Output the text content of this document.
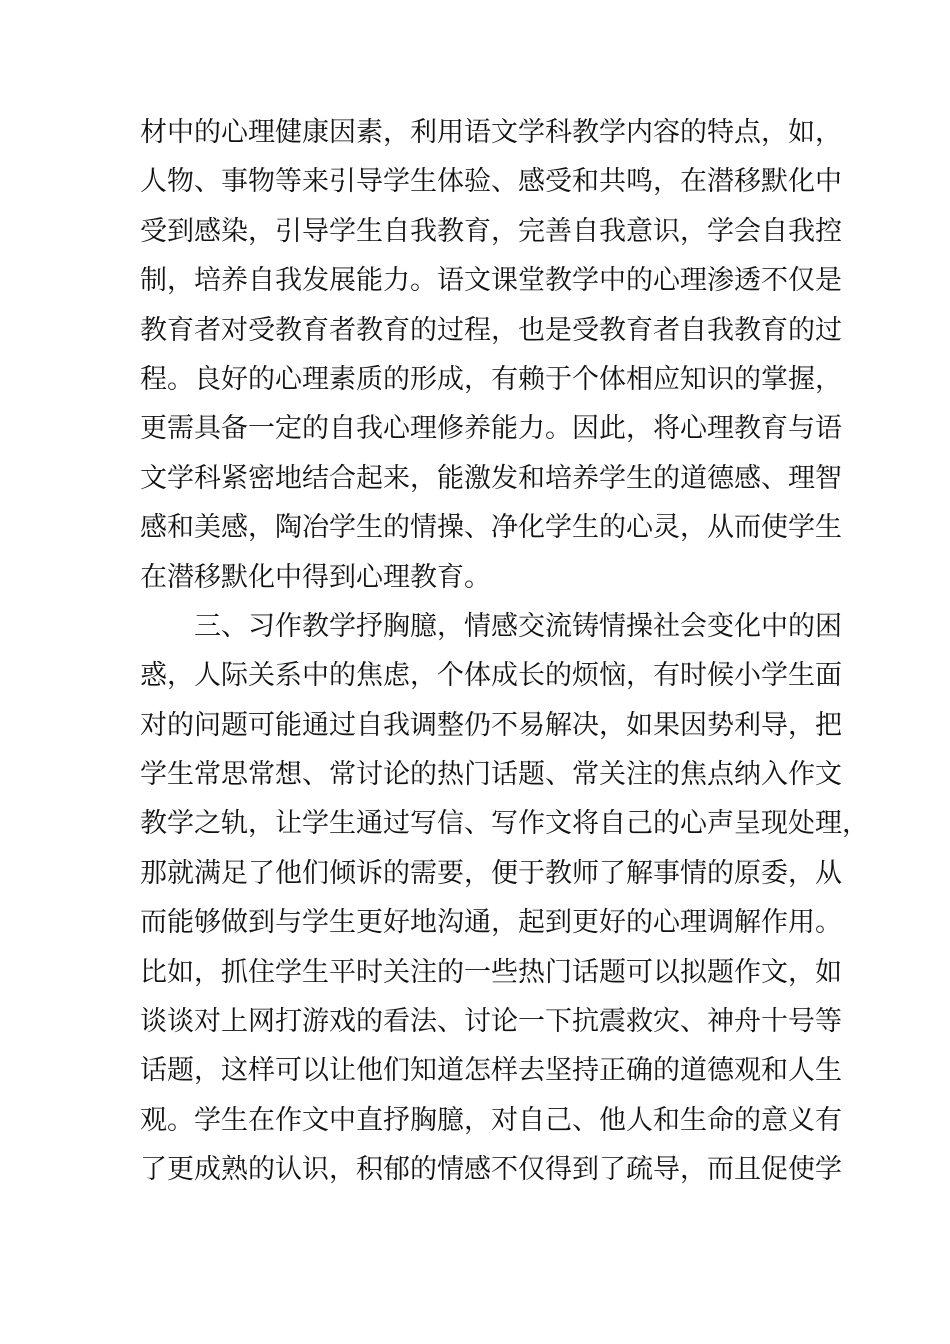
材中的心理健康因素，利用语文学科教学内容的特点，如，
人物、事物等来引导学生体验、感受和共鸣，在潜移默化中
受到感染，引导学生自我教育，完善自我意识，学会自我控
制，培养自我发展能力。语文课堂教学中的心理渗透不仅是
教育者对受教育者教育的过程，也是受教育者自我教育的过
程。良好的心理素质的形成，有赖于个体相应知识的掌握，
更需具备一定的自我心理修养能力。因此，将心理教育与语
文学科紧密地结合起来，能激发和培养学生的道德感、理智
感和美感，陶冶学生的情操、净化学生的心灵，从而使学生
在潜移默化中得到心理教育。
三、习作教学抒胸臆，情感交流铸情操社会变化中的困
惑，人际关系中的焦虑，个体成长的烦恼，有时候小学生面
对的问题可能通过自我调整仍不易解决，如果因势利导，把
学生常思常想、常讨论的热门话题、常关注的焦点纳入作文
教学之轨，让学生通过写信、写作文将自己的心声呈现处理，
那就满足了他们倾诉的需要，便于教师了解事情的原委，从
而能够做到与学生更好地沟通，起到更好的心理调解作用。
比如，抓住学生平时关注的一些热门话题可以拟题作文，如
谈谈对上网打游戏的看法、讨论一下抗震救灾、神舟十号等
话题，这样可以让他们知道怎样去坚持正确的道德观和人生
观。学生在作文中直抒胸臆，对自己、他人和生命的意义有
了更成熟的认识，积郁的情感不仅得到了疏导，而且促使学
